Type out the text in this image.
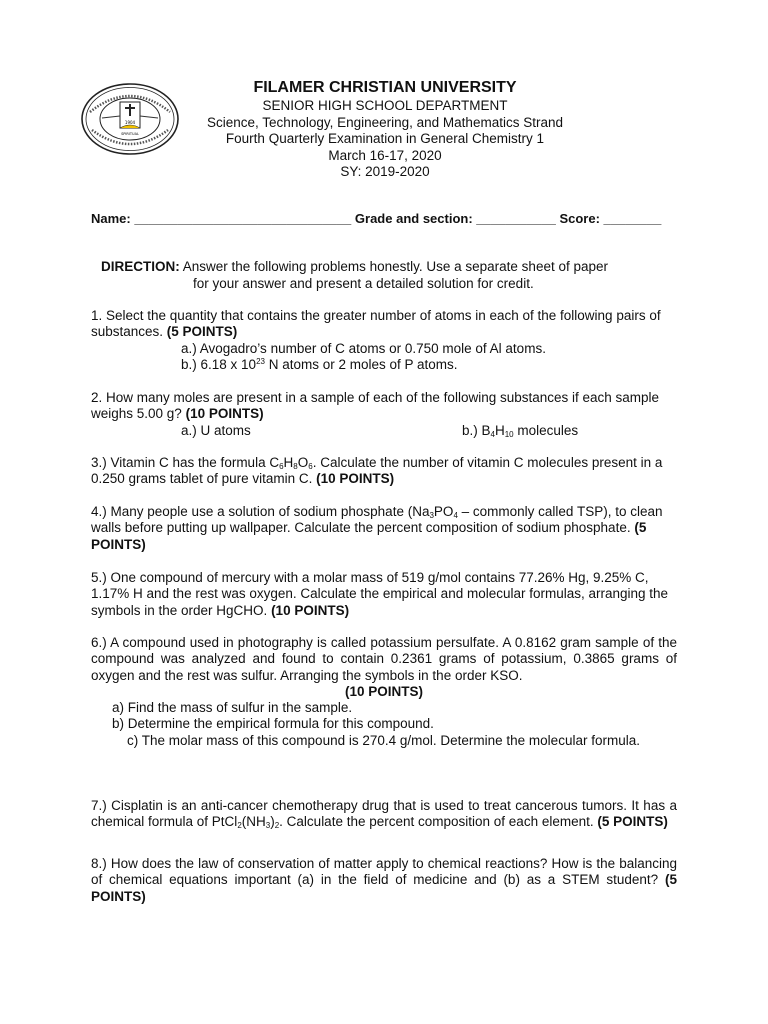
1904
SPIRITUAL
FILAMER CHRISTIAN UNIVERSITY
SENIOR HIGH SCHOOL DEPARTMENT
Science, Technology, Engineering, and Mathematics Strand
Fourth Quarterly Examination in General Chemistry 1
March 16-17, 2020
SY: 2019-2020
Name: ______________________________ Grade and section: ___________ Score: ________
DIRECTION: Answer the following problems honestly. Use a separate sheet of paper
for your answer and present a detailed solution for credit.
1. Select the quantity that contains the greater number of atoms in each of the following pairs of substances. (5 POINTS)
a.) Avogadro’s number of C atoms or 0.750 mole of Al atoms.
b.) 6.18 x $10^{23}$ N atoms or 2 moles of P atoms.
2. How many moles are present in a sample of each of the following substances if each sample weighs 5.00 g? (10 POINTS)
a.) U atoms	b.) $B_4H_{10}$ molecules
3.) Vitamin C has the formula $C_6H_8O_6$. Calculate the number of vitamin C molecules present in a 0.250 grams tablet of pure vitamin C. (10 POINTS)
4.) Many people use a solution of sodium phosphate ($Na_3PO_4$ – commonly called TSP), to clean walls before putting up wallpaper. Calculate the percent composition of sodium phosphate. (5 POINTS)
5.) One compound of mercury with a molar mass of 519 g/mol contains 77.26% Hg, 9.25% C, 1.17% H and the rest was oxygen. Calculate the empirical and molecular formulas, arranging the symbols in the order HgCHO. (10 POINTS)
6.) A compound used in photography is called potassium persulfate. A 0.8162 gram sample of the compound was analyzed and found to contain 0.2361 grams of potassium, 0.3865 grams of oxygen and the rest was sulfur. Arranging the symbols in the order KSO.
(10 POINTS)
a) Find the mass of sulfur in the sample.
b) Determine the empirical formula for this compound.
c) The molar mass of this compound is 270.4 g/mol. Determine the molecular formula.
7.) Cisplatin is an anti-cancer chemotherapy drug that is used to treat cancerous tumors. It has a chemical formula of $PtCl_2(NH_3)_2$. Calculate the percent composition of each element. (5 POINTS)
8.) How does the law of conservation of matter apply to chemical reactions? How is the balancing of chemical equations important (a) in the field of medicine and (b) as a STEM student? (5 POINTS)
